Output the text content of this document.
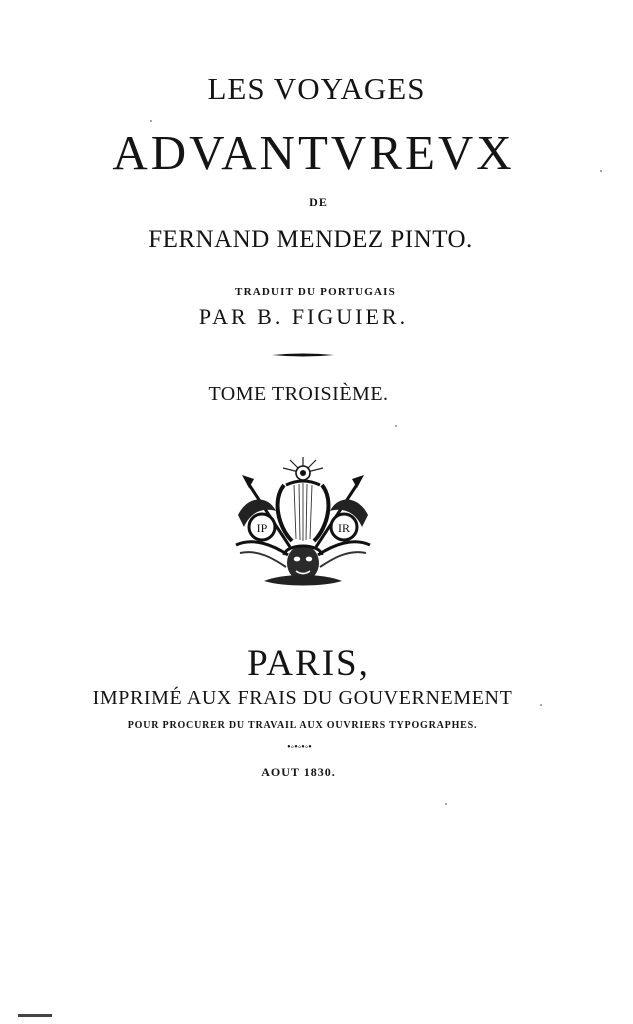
LES VOYAGES
ADVANTVREVX
DE
FERNAND MENDEZ PINTO.
TRADUIT DU PORTUGAIS
PAR B. FIGUIER.
TOME TROISIÈME.
IP	IR
PARIS,
IMPRIMÉ AUX FRAIS DU GOUVERNEMENT
POUR PROCURER DU TRAVAIL AUX OUVRIERS TYPOGRAPHES.
•◦•◦•◦•
AOUT 1830.
